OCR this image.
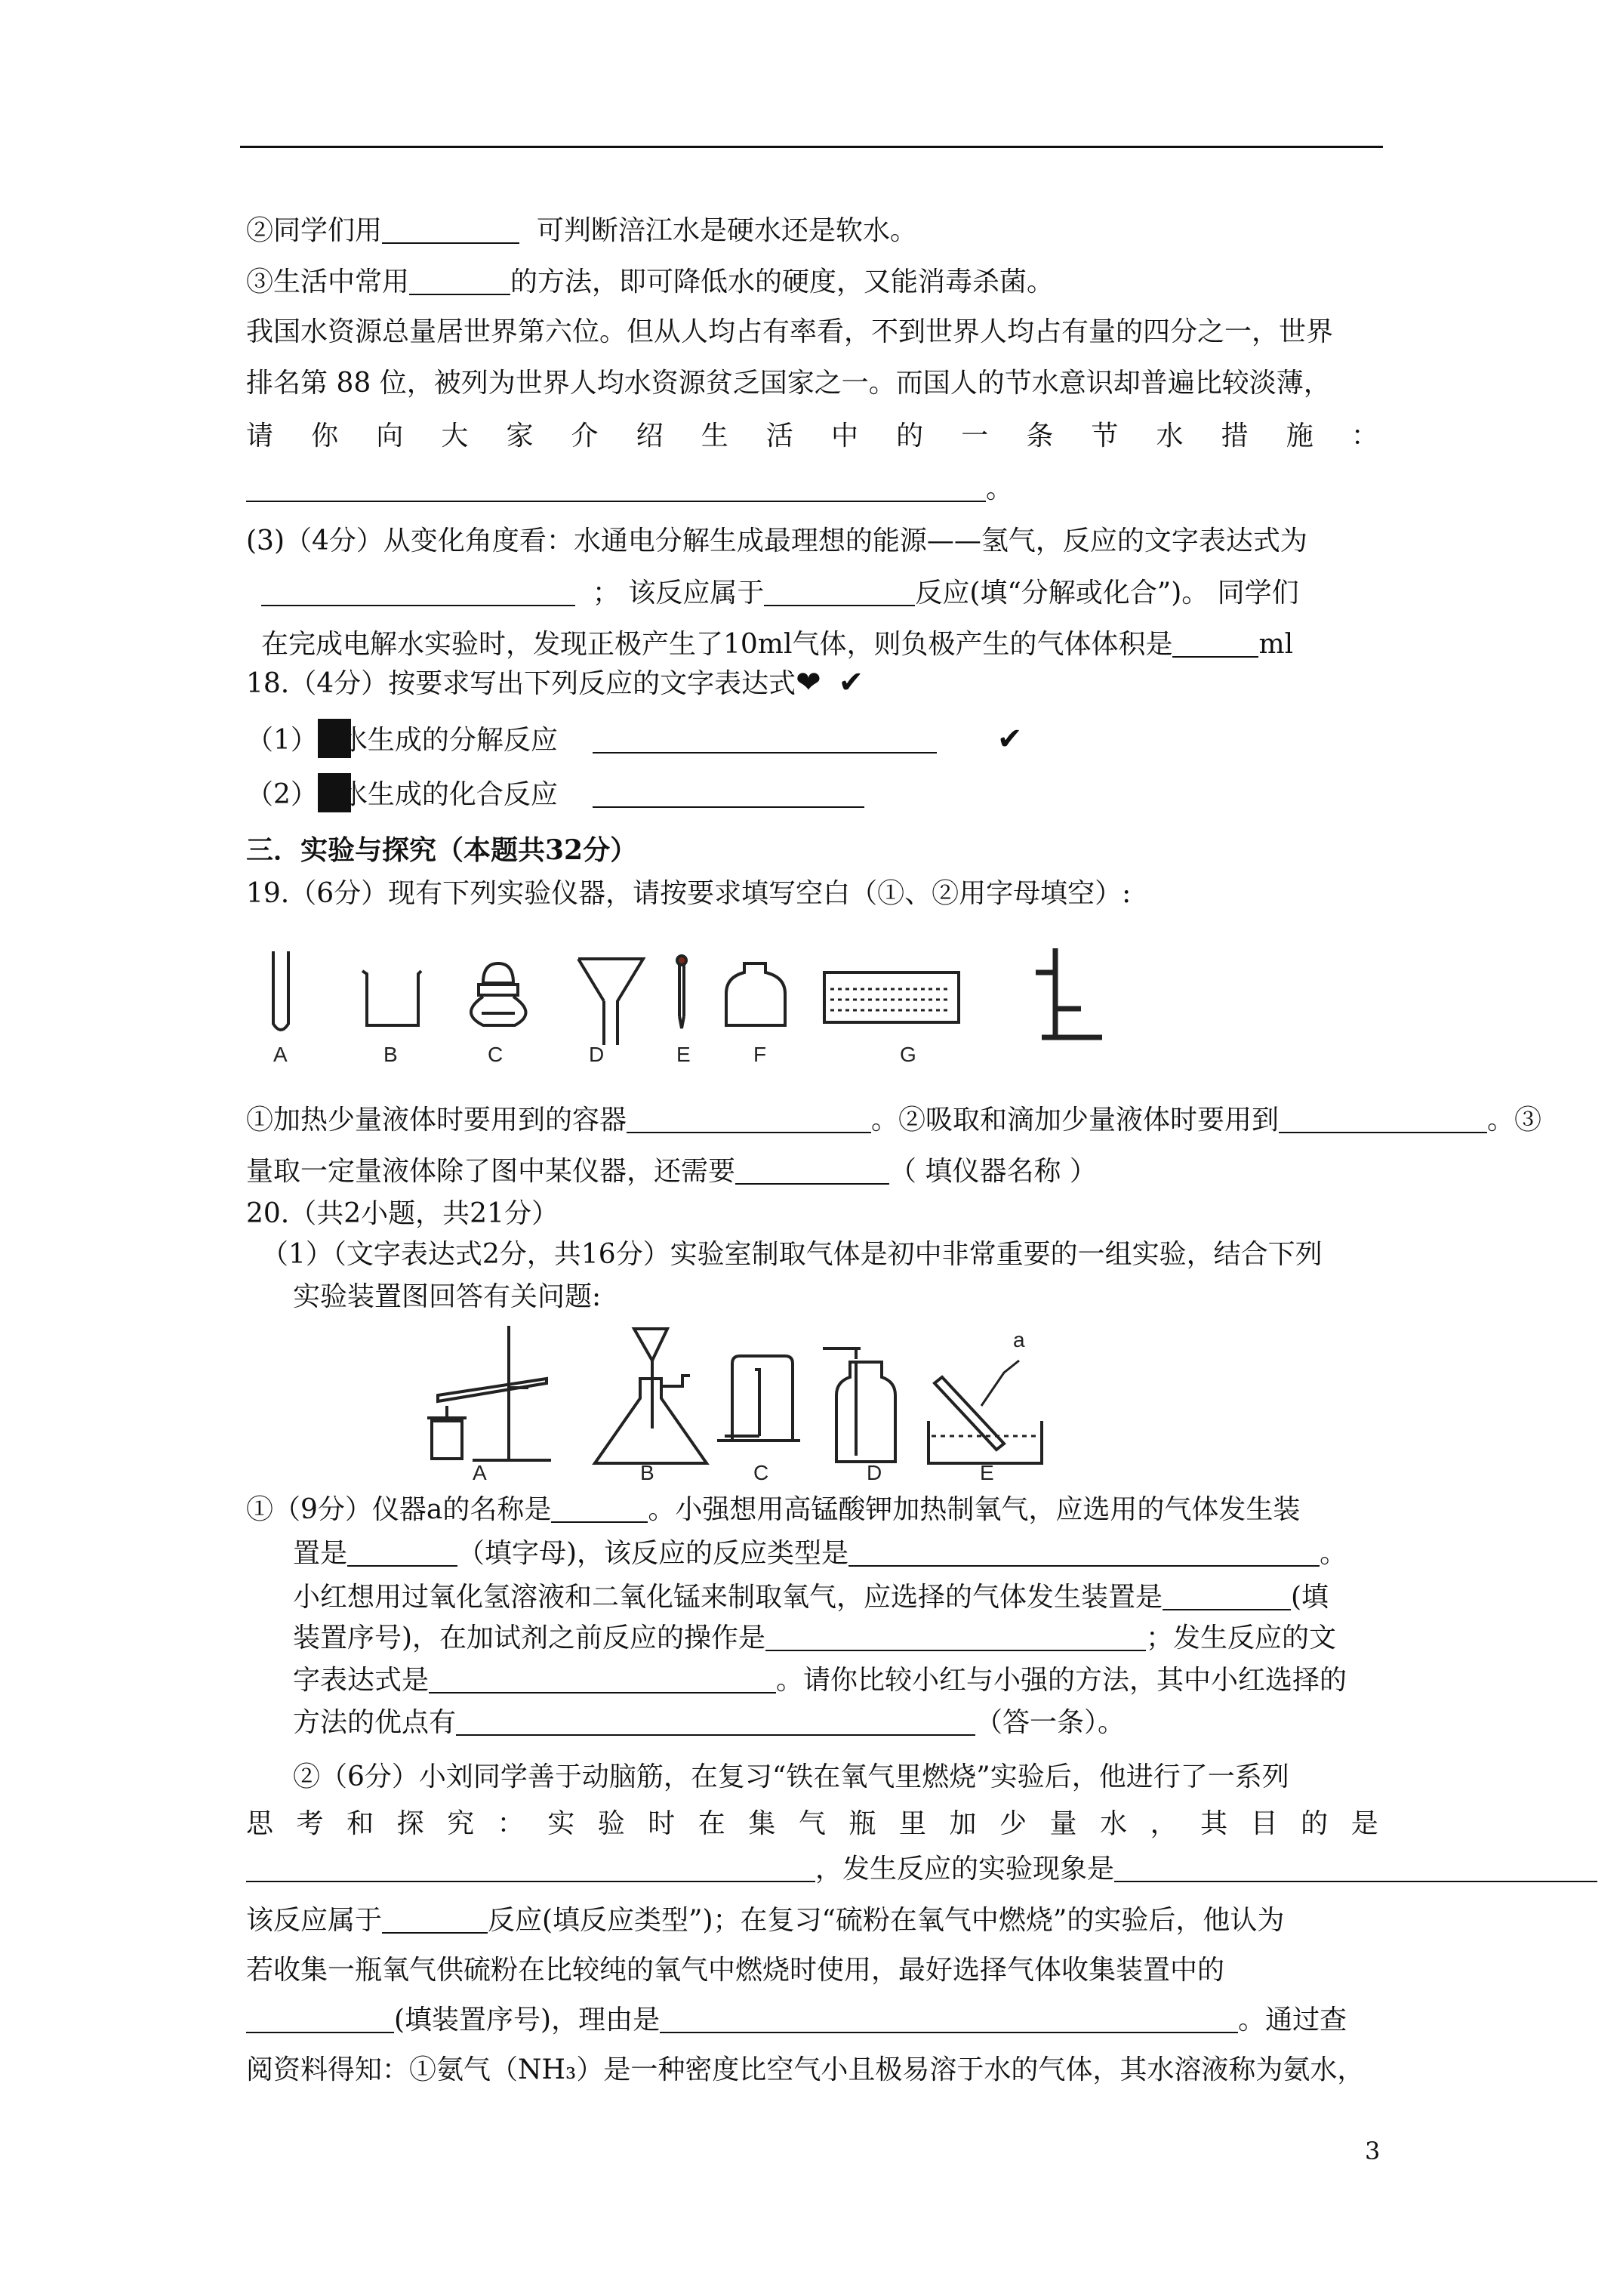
②同学们用	可判断涪江水是硬水还是软水。
③生活中常用	的方法，即可降低水的硬度，又能消毒杀菌。
我国水资源总量居世界第六位。但从人均占有率看，不到世界人均占有量的四分之一，世界
排名第 88 位，被列为世界人均水资源贫乏国家之一。而国人的节水意识却普遍比较淡薄，
请 你 向 大 家 介 绍 生 活 中 的 一 条 节 水 措 施 ：
。
(3)（4分）从变化角度看：水通电分解生成最理想的能源——氢气，反应的文字表达式为
； 该反应属于	反应(填“分解或化合”)。 同学们
在完成电解水实验时，发现正极产生了10ml气体，则负极产生的气体体积是	ml
18.（4分）按要求写出下列反应的文字表达式❤ ✔
（1） 水生成的分解反应	✔
（2） 水生成的化合反应
三．实验与探究（本题共32分）
19.（6分）现有下列实验仪器，请按要求填写空白（①、②用字母填空）:
A	B	C	D	E	F	G
①加热少量液体时要用到的容器	。②吸取和滴加少量液体时要用到	。③
量取一定量液体除了图中某仪器，还需要	（ 填仪器名称 ）
20.（共2小题，共21分）
（1）（文字表达式2分，共16分）实验室制取气体是初中非常重要的一组实验，结合下列
实验装置图回答有关问题:
A	B	C	D	E
a
①（9分）仪器a的名称是	。小强想用高锰酸钾加热制氧气，应选用的气体发生装
置是	（填字母)，该反应的反应类型是	。
小红想用过氧化氢溶液和二氧化锰来制取氧气，应选择的气体发生装置是	(填
装置序号)，在加试剂之前反应的操作是	；发生反应的文
字表达式是	。请你比较小红与小强的方法，其中小红选择的
方法的优点有	（答一条）。
②（6分）小刘同学善于动脑筋，在复习“铁在氧气里燃烧”实验后，他进行了一系列
思 考 和 探 究 ： 实 验 时 在 集 气 瓶 里 加 少 量 水 ， 其 目 的 是
，发生反应的实验现象是
该反应属于	反应(填反应类型”)；在复习“硫粉在氧气中燃烧”的实验后，他认为
若收集一瓶氧气供硫粉在比较纯的氧气中燃烧时使用，最好选择气体收集装置中的
(填装置序号)，理由是	。通过查
阅资料得知：①氨气（NH₃）是一种密度比空气小且极易溶于水的气体，其水溶液称为氨水，
3
